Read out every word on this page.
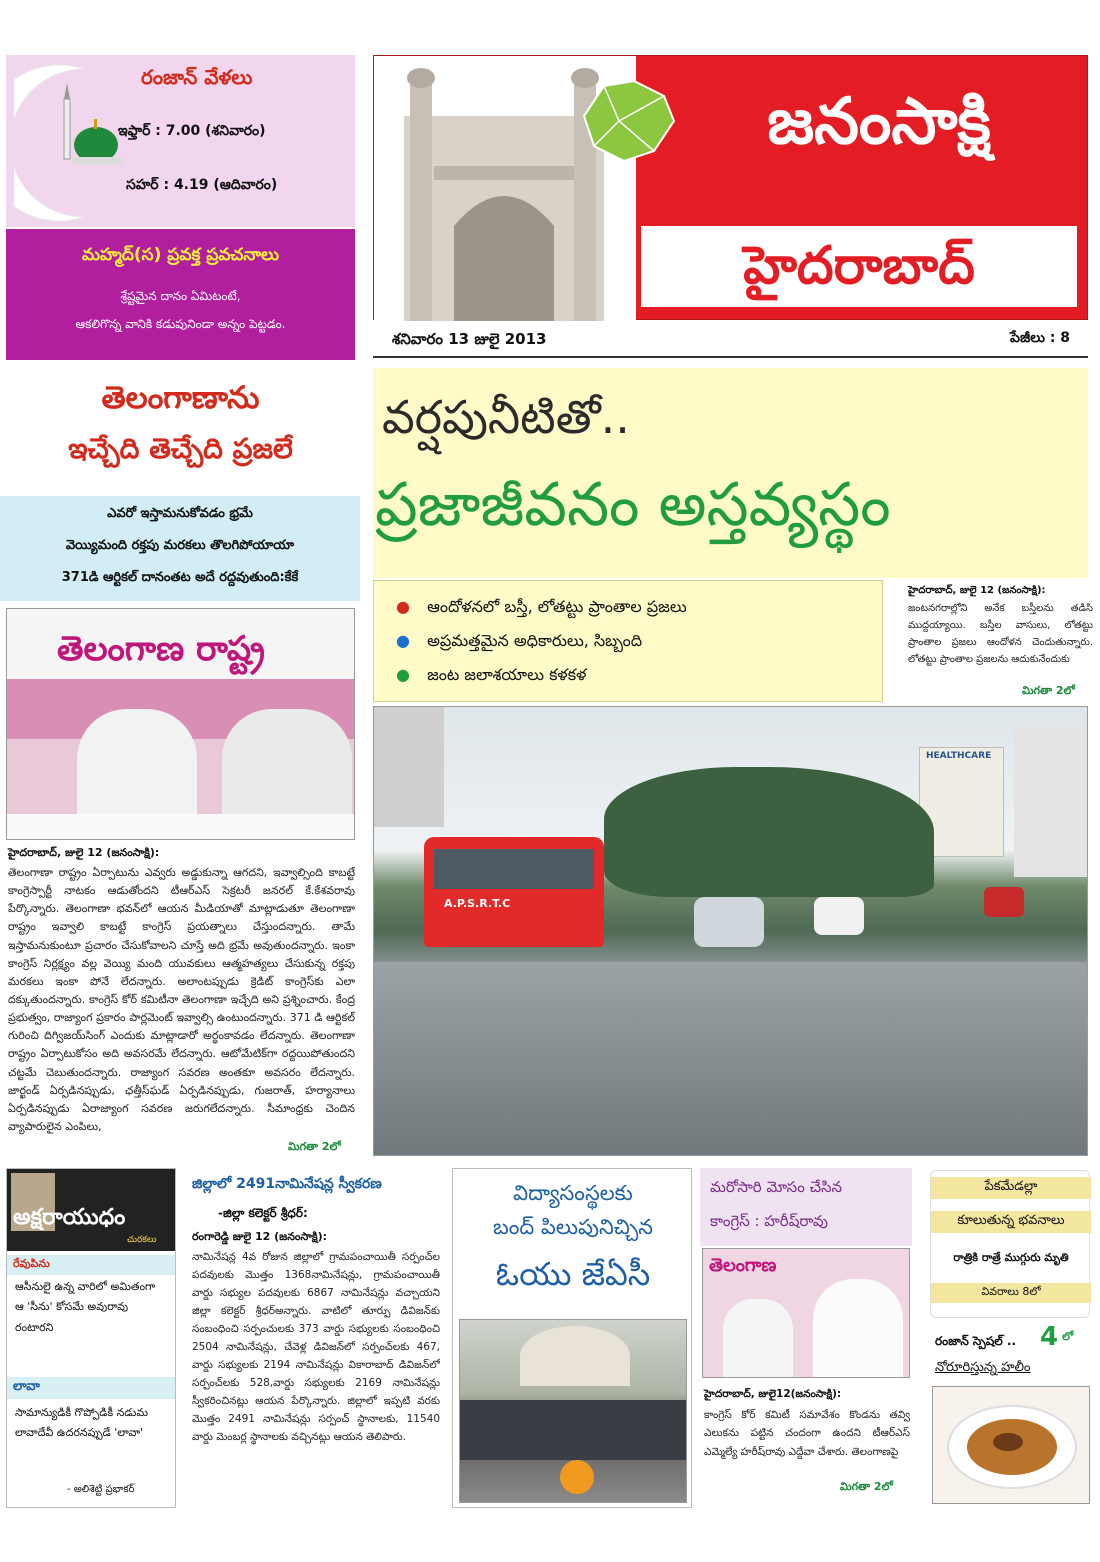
రంజాన్ వేళలు
ఇఫ్తార్ : 7.00 (శనివారం)
సహర్ : 4.19 (ఆదివారం)
మహ్మద్(స) ప్రవక్త ప్రవచనాలు
శ్రేష్టమైన దానం ఏమిటంటే,
ఆకలిగొన్న వానికి కడుపునిండా అన్నం పెట్టడం.
జనంసాక్షి
హైదరాబాద్
శనివారం 13 జులై 2013	పేజీలు : 8
తెలంగాణాను
ఇచ్చేది తెచ్చేది ప్రజలే
ఎవరో ఇస్తామనుకోవడం భ్రమే
వెయ్యిమంది రక్తపు మరకలు తొలగిపోయాయా
371డి ఆర్టికల్ దానంతట అదే రద్దవుతుంది:కేకే
తెలంగాణ రాష్ట్ర
హైదరాబాద్, జులై 12 (జనంసాక్షి):
తెలంగాణా రాష్ట్రం ఏర్పాటును ఎవ్వరు అడ్డుకున్నా ఆగదని, ఇవ్వాల్సింది కాబట్టే కాంగ్రెస్పార్టీ నాటకం ఆడుతోందని టీఆర్ఎస్ సెక్రటరీ జనరల్ కే.కేశవరావు పేర్కొన్నారు. తెలంగాణా భవన్‌లో ఆయన మీడియాతో మాట్లాడుతూ తెలంగాణా రాష్ట్రం ఇవ్వాలి కాబట్టే కాంగ్రెస్ ప్రయత్నాలు చేస్తుందన్నారు. తామే ఇస్తామనుకుంటూ ప్రచారం చేసుకోవాలని చూస్తే అది భ్రమే అవుతుందన్నారు. ఇంకా కాంగ్రెస్ నిర్లక్ష్యం వల్ల వెయ్యి మంది యువకులు ఆత్మహత్యలు చేసుకున్న రక్తపు మరకలు ఇంకా పోనే లేదన్నారు. అలాంటప్పుడు క్రెడిట్ కాంగ్రెస్‌కు ఎలా దక్కుతుందన్నారు. కాంగ్రెస్ కోర్ కమిటీనా తెలంగాణా ఇచ్చేది అని ప్రశ్నించారు. కేంద్ర ప్రభుత్వం, రాజ్యాంగ ప్రకారం పార్లమెంట్ ఇవ్వాల్సి ఉంటుందన్నారు. 371 డి ఆర్టికల్ గురించి దిగ్విజయ్‌సింగ్ ఎందుకు మాట్లాడారో అర్థంకావడం లేదన్నారు. తెలంగాణా రాష్ట్రం ఏర్పాటుకోసం అది అవసరమే లేదన్నారు. ఆటోమేటిక్‌గా రద్దయిపోతుందని చట్టమే చెబుతుందన్నారు. రాజ్యాంగ సవరణ అంతకూ అవసరం లేదన్నారు. జార్ఖండ్ ఏర్పడినప్పుడు, ఛత్తీస్‌ఘడ్ ఏర్పడినప్పుడు, గుజరాత్, హర్యానాలు ఏర్పడినప్పుడు ఏరాజ్యాంగ సవరణ జరుగలేదన్నారు. సీమాంధ్రకు చెందిన వ్యాపారులైన ఎంపిలు,
మిగతా 2లో
వర్షపునీటితో..
ప్రజాజీవనం అస్తవ్యస్థం
● ఆందోళనలో బస్తీ, లోతట్టు ప్రాంతాల ప్రజలు
● అప్రమత్తమైన అధికారులు, సిబ్బంది
● జంట జలాశయాలు కళకళ
హైదరాబాద్, జులై 12 (జనంసాక్షి):
జంటనగరాల్లోని అనేక బస్తీలను తడిసి ముద్దయ్యాయి. బస్తీల వాసులు, లోతట్టు ప్రాంతాల ప్రజలు ఆందోళన చెందుతున్నారు. లోతట్టు ప్రాంతాల ప్రజలను ఆదుకునేందుకు
మిగతా 2లో
HEALTHCARE
A.P.S.R.T.C
అక్షరాయుధం
చురకలు
రేవుపిను
ఆసీనులై ఉన్న వారిలో అమితంగా ఆ 'సీను' కోసమే అవురావు రంటారని
లావా
సామాన్యుడికీ గొప్పోడికీ నడుమ లావాదేవీ ఉదరనప్పుడే 'లావా'
- అలిశెట్టి ప్రభాకర్
జిల్లాలో 2491నామినేషన్ల స్వీకరణ
-జిల్లా కలెక్టర్ శ్రీధర్:
రంగారెడ్డి జులై 12 (జనంసాక్షి):
నామినేషన్ల 4వ రోజున జిల్లాలో గ్రామపంచాయితీ సర్పంచ్‌ల పదవులకు మొత్తం 1368నామినేషన్లు, గ్రామపంచాయితీ వార్డు సభ్యుల పదవులకు 6867 నామినేషన్లు వచ్చాయని జిల్లా కలెక్టర్ శ్రీధర్‌అన్నారు. వాటిలో తూర్పు డివిజన్‌కు సంబంధించి సర్పంచులకు 373 వార్డు సభ్యులకు సంబంధించి 2504 నామినేషన్లు, చేవెళ్ల డివిజన్‌లో సర్పంచ్‌లకు 467, వార్డు సభ్యులకు 2194 నామినేషన్లు వికారాబాద్ డివిజన్‌లో సర్పంచ్‌లకు 528,వార్డు సభ్యులకు 2169 నామినేషన్లు స్వీకరించినట్లు ఆయన పేర్కొన్నారు. జిల్లాలో ఇప్పటి వరకు మొత్తం 2491 నామినేషన్లు సర్పంచ్ స్థానాలకు, 11540 వార్డు మెంబర్ల స్థానాలకు వచ్చినట్లు ఆయన తెలిపారు.
విద్యాసంస్థలకు
బంద్ పిలుపునిచ్చిన
ఓయు జేఏసీ
మరోసారి మోసం చేసిన
కాంగ్రెస్ : హరీష్‌రావు
తెలంగాణ
హైదరాబాద్, జులై12(జనంసాక్షి):
కాంగ్రెస్ కోర్ కమిటీ సమావేశం కొండను తవ్వి ఎలుకను పట్టిన చందంగా ఉందని టీఆర్ఎస్ ఎమ్మెల్యే హరీష్‌రావు ఎద్దేవా చేశారు. తెలంగాణపై
మిగతా 2లో
పేకమేడల్లా
కూలుతున్న భవనాలు
రాత్రికి రాత్రే ముగ్గురు మృతి
వివరాలు 8లో
రంజాన్ స్పెషల్ .. 4 లో
నోరూరిస్తున్న హలీం
